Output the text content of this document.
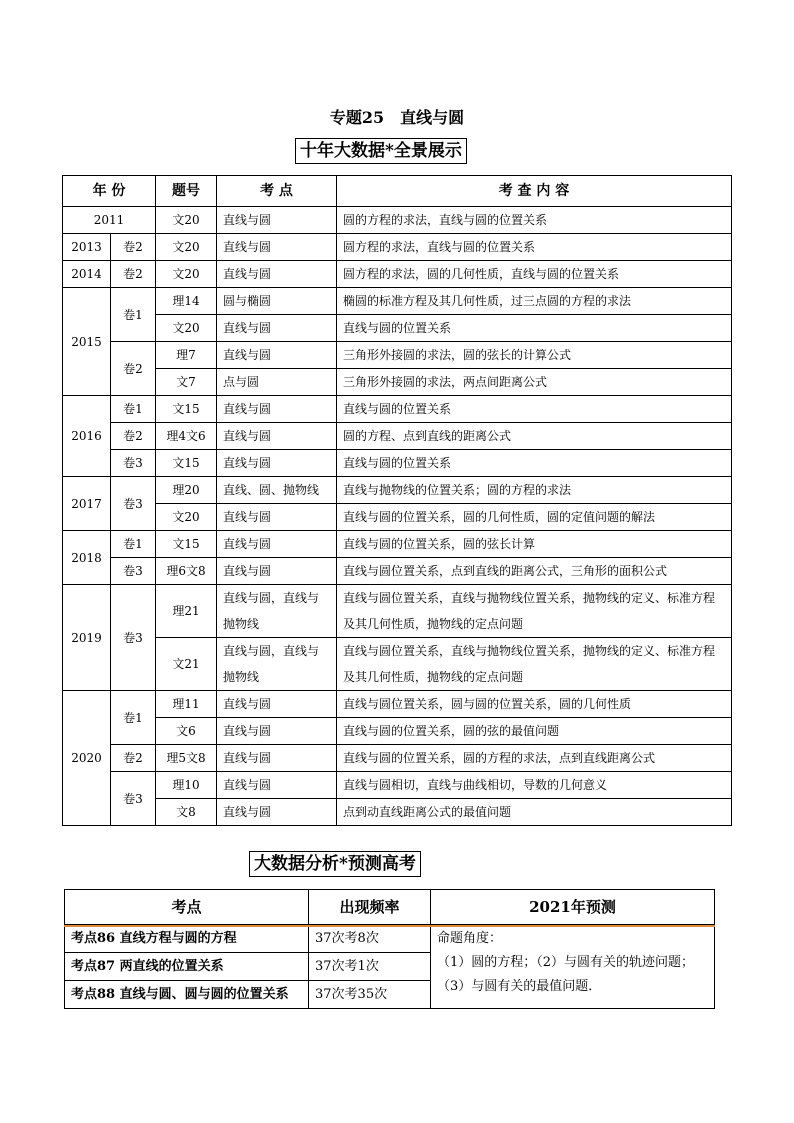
专题25　直线与圆
十年大数据*全景展示
年 份		题号	考 点	考 查 内 容
2011		文20	直线与圆	圆的方程的求法，直线与圆的位置关系
2013	卷2	文20	直线与圆	圆方程的求法，直线与圆的位置关系
2014	卷2	文20	直线与圆	圆方程的求法，圆的几何性质，直线与圆的位置关系
2015	卷1	理14	圆与椭圆	椭圆的标准方程及其几何性质，过三点圆的方程的求法
		文20	直线与圆	直线与圆的位置关系
	卷2	理7	直线与圆	三角形外接圆的求法，圆的弦长的计算公式
		文7	点与圆	三角形外接圆的求法，两点间距离公式
2016	卷1	文15	直线与圆	直线与圆的位置关系
	卷2	理4文6	直线与圆	圆的方程、点到直线的距离公式
	卷3	文15	直线与圆	直线与圆的位置关系
2017	卷3	理20	直线、圆、抛物线	直线与抛物线的位置关系；圆的方程的求法
		文20	直线与圆	直线与圆的位置关系，圆的几何性质，圆的定值问题的解法
2018	卷1	文15	直线与圆	直线与圆的位置关系，圆的弦长计算
	卷3	理6文8	直线与圆	直线与圆位置关系，点到直线的距离公式，三角形的面积公式
2019	卷3	理21	直线与圆，直线与抛物线	直线与圆位置关系，直线与抛物线位置关系，抛物线的定义、标准方程及其几何性质，抛物线的定点问题
		文21	直线与圆，直线与抛物线	直线与圆位置关系，直线与抛物线位置关系，抛物线的定义、标准方程及其几何性质，抛物线的定点问题
2020	卷1	理11	直线与圆	直线与圆位置关系，圆与圆的位置关系，圆的几何性质
		文6	直线与圆	直线与圆的位置关系，圆的弦的最值问题
	卷2	理5文8	直线与圆	直线与圆的位置关系，圆的方程的求法，点到直线距离公式
	卷3	理10	直线与圆	直线与圆相切，直线与曲线相切，导数的几何意义
		文8	直线与圆	点到动直线距离公式的最值问题
大数据分析*预测高考
考点	出现频率	2021年预测
考点86 直线方程与圆的方程	37次考8次	命题角度：
（1）圆的方程；（2）与圆有关的轨迹问题；
（3）与圆有关的最值问题．

考点87 两直线的位置关系	37次考1次	
考点88 直线与圆、圆与圆的位置关系	37次考35次	
